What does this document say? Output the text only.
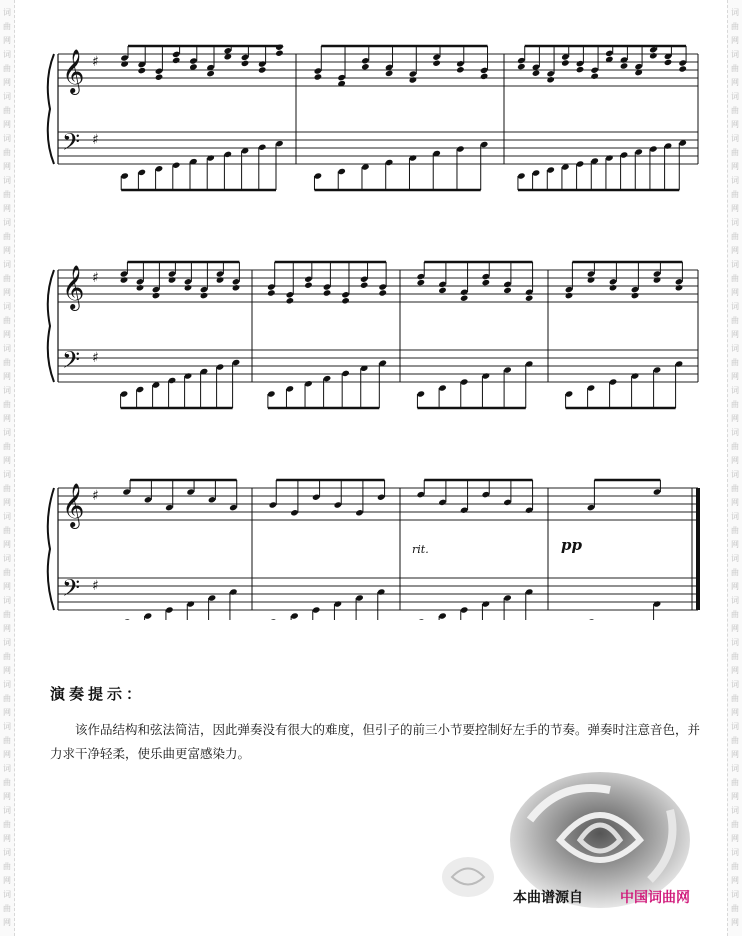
词
曲
网
词
曲
网
词
曲
网
词
曲
网
词
曲
网
词
曲
网
词
曲
网
词
曲
网
词
曲
网
词
曲
网
词
曲
网
词
曲
网
词
曲
网
词
曲
网
词
曲
网
词
曲
网
词
曲
网
词
曲
网
词
曲
网
词
曲
网
词
曲
网
词
曲
网
词
曲
网
词
曲
网
词
曲
网
词
曲
网
词
曲
网
词
曲
网
词
曲
网
词
曲
网
词
曲
网
词
曲
网
词
曲
网
词
曲
网
词
曲
网
词
曲
网
词
曲
网
词
曲
网
词
曲
网
词
曲
网
词
曲
网
词
曲
网
词
曲
网
词
曲
网
𝄞
𝄢
♯
♯
𝄞
𝄢
♯
♯
𝄞
𝄢
♯
♯
rit.	pp
演奏提示：
该作品结构和弦法简洁，因此弹奏没有很大的难度，但引子的前三小节要控制好左手的节奏。弹奏时注意音色，并力求干净轻柔，使乐曲更富感染力。
本曲谱源自	中国词曲网
